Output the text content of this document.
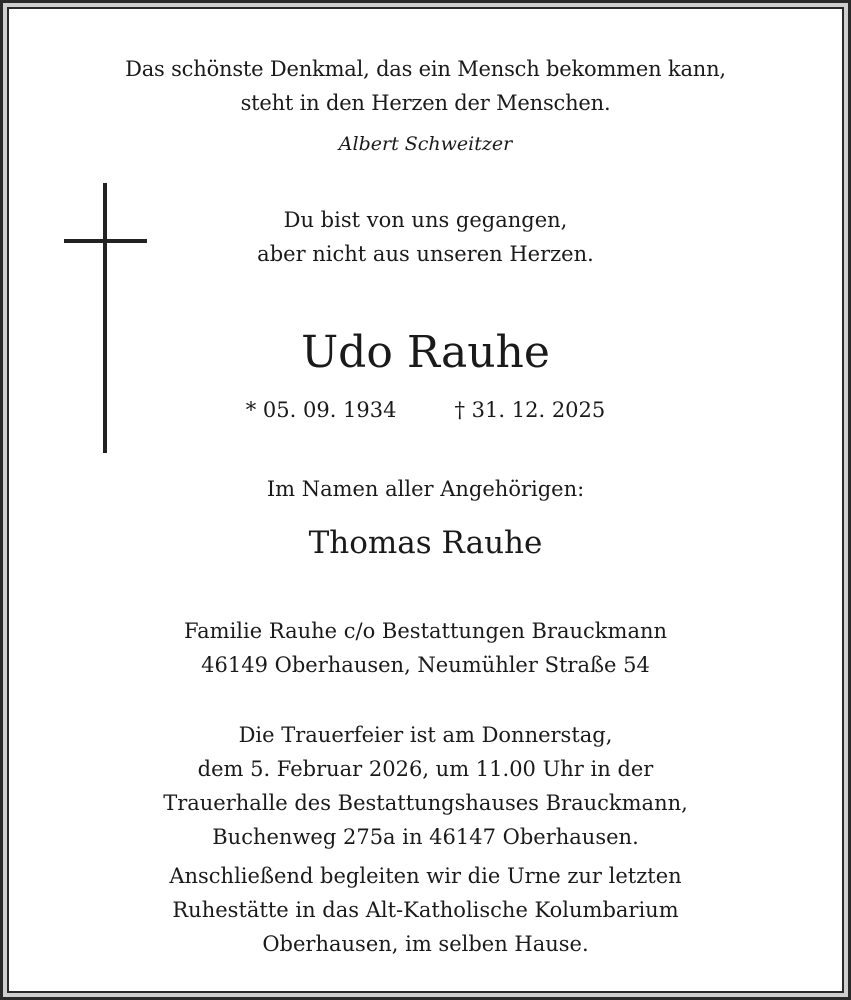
Das schönste Denkmal, das ein Mensch bekommen kann,
steht in den Herzen der Menschen.
Albert Schweitzer
Du bist von uns gegangen,
aber nicht aus unseren Herzen.
Udo Rauhe
* 05. 09. 1934	† 31. 12. 2025
Im Namen aller Angehörigen:
Thomas Rauhe
Familie Rauhe c/o Bestattungen Brauckmann
46149 Oberhausen, Neumühler Straße 54
Die Trauerfeier ist am Donnerstag,
dem 5. Februar 2026, um 11.00 Uhr in der
Trauerhalle des Bestattungshauses Brauckmann,
Buchenweg 275a in 46147 Oberhausen.
Anschließend begleiten wir die Urne zur letzten
Ruhestätte in das Alt-Katholische Kolumbarium
Oberhausen, im selben Hause.
